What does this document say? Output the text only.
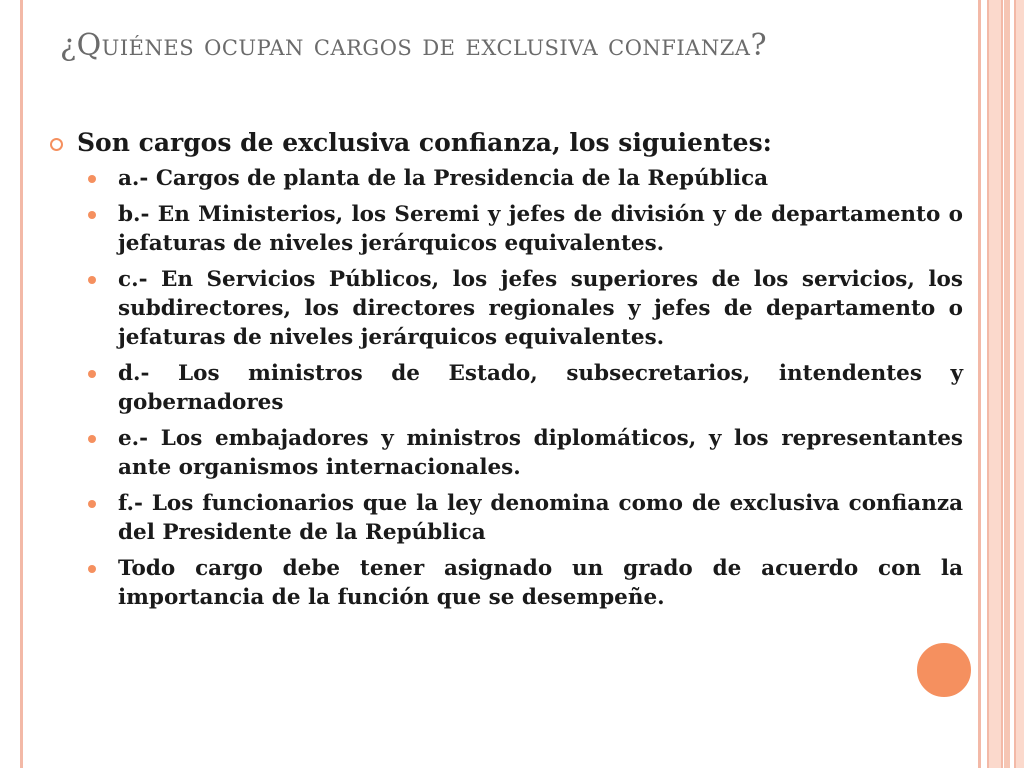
¿Quiénes ocupan cargos de exclusiva confianza?
Son cargos de exclusiva confianza, los siguientes:
a.- Cargos de planta de la Presidencia de la República
b.- En Ministerios, los Seremi y jefes de división y de departamento o jefaturas de niveles jerárquicos equivalentes.
c.- En Servicios Públicos, los jefes superiores de los servicios, los subdirectores, los directores regionales y jefes de departamento o jefaturas de niveles jerárquicos equivalentes.
d.- Los ministros de Estado, subsecretarios, intendentes y gobernadores
e.- Los embajadores y ministros diplomáticos, y los representantes ante organismos internacionales.
f.- Los funcionarios que la ley denomina como de exclusiva confianza del Presidente de la República
Todo cargo debe tener asignado un grado de acuerdo con la importancia de la función que se desempeñe.
